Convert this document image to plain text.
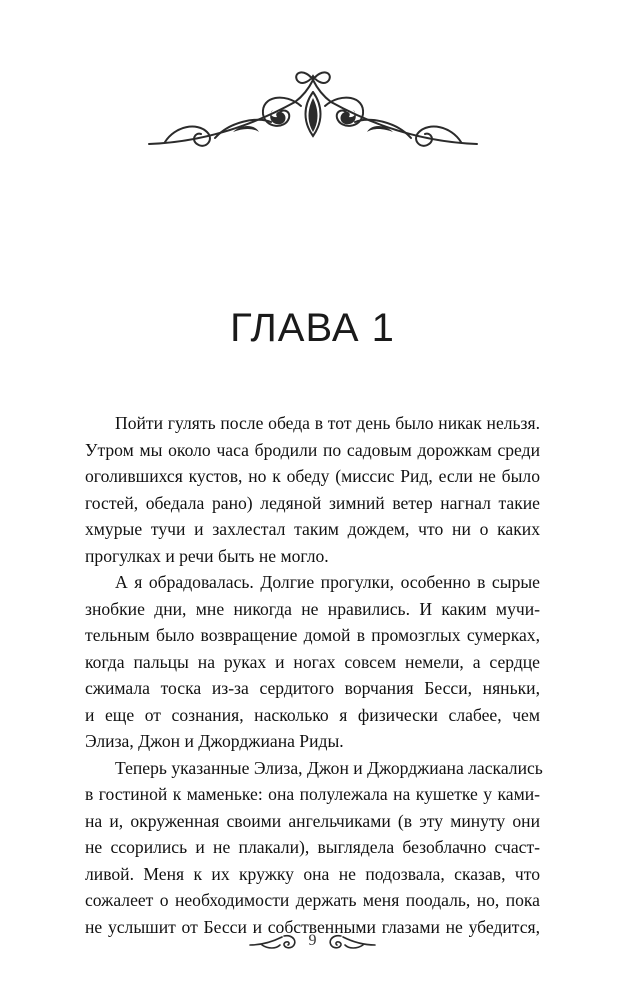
ГЛАВА 1
Пойти гулять после обеда в тот день было никак нельзя.
Утром мы около часа бродили по садовым дорожкам среди
оголившихся кустов, но к обеду (миссис Рид, если не было
гостей, обедала рано) ледяной зимний ветер нагнал такие
хмурые тучи и захлестал таким дождем, что ни о каких
прогулках и речи быть не могло.
А я обрадовалась. Долгие прогулки, особенно в сырые
знобкие дни, мне никогда не нравились. И каким мучи-
тельным было возвращение домой в промозглых сумерках,
когда пальцы на руках и ногах совсем немели, а сердце
сжимала тоска из-за сердитого ворчания Бесси, няньки,
и еще от сознания, насколько я физически слабее, чем
Элиза, Джон и Джорджиана Риды.
Теперь указанные Элиза, Джон и Джорджиана ласкались
в гостиной к маменьке: она полулежала на кушетке у ками-
на и, окруженная своими ангельчиками (в эту минуту они
не ссорились и не плакали), выглядела безоблачно счаст-
ливой. Меня к их кружку она не подозвала, сказав, что
сожалеет о необходимости держать меня поодаль, но, пока
не услышит от Бесси и собственными глазами не убедится,
9
